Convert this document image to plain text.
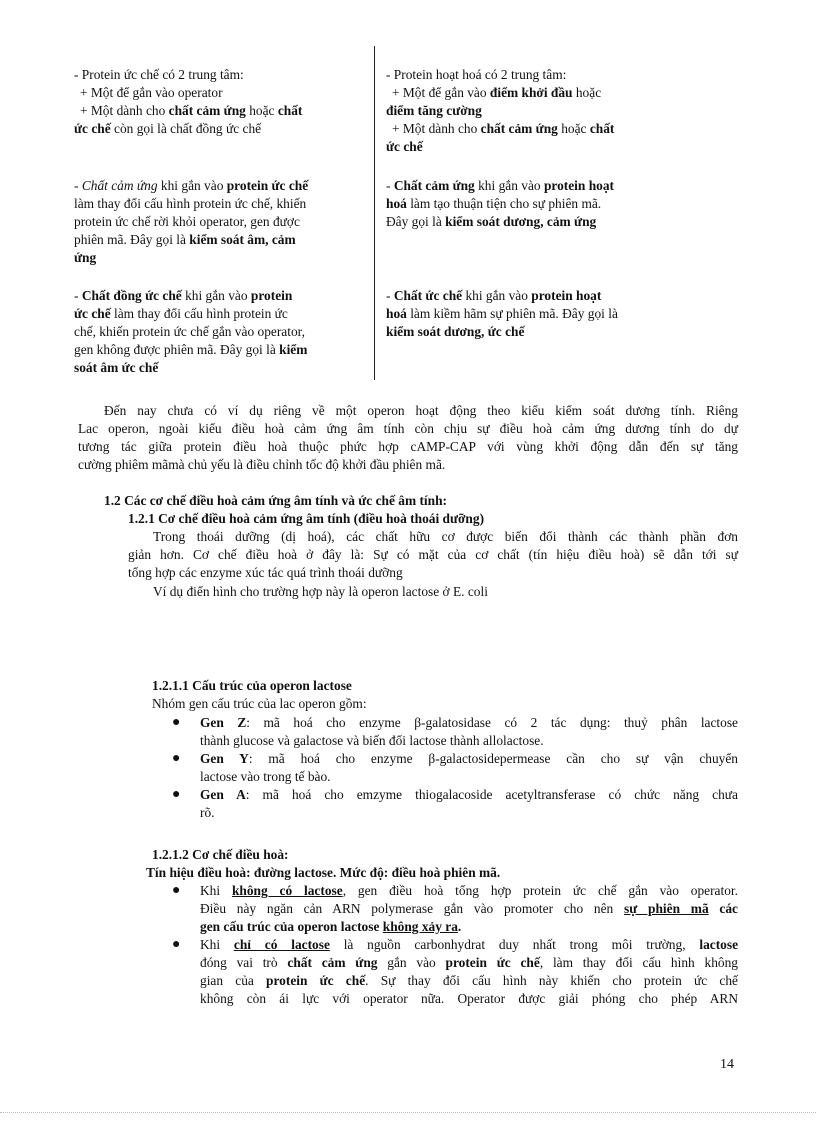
- Protein ức chế có 2 trung tâm:
+ Một để gắn vào operator
+ Một dành cho chất cảm ứng hoặc chất
ức chế còn gọi là chất đồng ức chế
- Protein hoạt hoá có 2 trung tâm:
+ Một để gắn vào điểm khởi đầu hoặc
điểm tăng cường
+ Một dành cho chất cảm ứng hoặc chất
ức chế
- Chất cảm ứng khi gắn vào protein ức chế
làm thay đổi cấu hình protein ức chế, khiến
protein ức chế rời khỏi operator, gen được
phiên mã. Đây gọi là kiểm soát âm, cảm
ứng
- Chất cảm ứng khi gắn vào protein hoạt
hoá làm tạo thuận tiện cho sự phiên mã.
Đây gọi là kiểm soát dương, cảm ứng
- Chất đồng ức chế khi gắn vào protein
ức chế làm thay đổi cấu hình protein ức
chế, khiến protein ức chế gắn vào operator,
gen không được phiên mã. Đây gọi là kiểm
soát âm ức chế
- Chất ức chế khi gắn vào protein hoạt
hoá làm kiềm hãm sự phiên mã. Đây gọi là
kiểm soát dương, ức chế
Đến nay chưa có ví dụ riêng về một operon hoạt động theo kiểu kiểm soát dương tính. Riêng
Lac operon, ngoài kiểu điều hoà cảm ứng âm tính còn chịu sự điều hoà cảm ứng dương tính do dự
tương tác giữa protein điều hoà thuộc phức hợp cAMP-CAP với vùng khởi động dẫn đến sự tăng
cường phiêm mãmà chủ yếu là điều chỉnh tốc độ khởi đầu phiên mã.
1.2 Các cơ chế điều hoà cảm ứng âm tính và ức chế âm tính:
1.2.1 Cơ chế điều hoà cảm ứng âm tính (điều hoà thoái dưỡng)
Trong thoái dưỡng (dị hoá), các chất hữu cơ được biến đổi thành các thành phần đơn
giản hơn. Cơ chế điều hoà ở đây là: Sự có mặt của cơ chất (tín hiệu điều hoà) sẽ dẫn tới sự
tổng hợp các enzyme xúc tác quá trình thoái dưỡng
Ví dụ điển hình cho trường hợp này là operon lactose ở E. coli
1.2.1.1 Cấu trúc của operon lactose
Nhóm gen cấu trúc của lac operon gồm:
●	Gen Z: mã hoá cho enzyme β-galatosidase có 2 tác dụng: thuỷ phân lactose
thành glucose và galactose và biến đổi lactose thành allolactose.
●	Gen Y: mã hoá cho enzyme β-galactosidepermease cần cho sự vận chuyển
lactose vào trong tế bào.
●	Gen A: mã hoá cho emzyme thiogalacoside acetyltransferase có chức năng chưa
rõ.
1.2.1.2 Cơ chế điều hoà:
Tín hiệu điều hoà: đường lactose. Mức độ: điều hoà phiên mã.
●	Khi không có lactose, gen điều hoà tổng hợp protein ức chế gắn vào operator.
Điều này ngăn cản ARN polymerase gắn vào promoter cho nên sự phiên mã các
gen cấu trúc của operon lactose không xảy ra.
●	Khi chỉ có lactose là nguồn carbonhydrat duy nhất trong môi trường, lactose
đóng vai trò chất cảm ứng gắn vào protein ức chế, làm thay đổi cấu hình không
gian của protein ức chế. Sự thay đổi cấu hình này khiến cho protein ức chế
không còn ái lực với operator nữa. Operator được giải phóng cho phép ARN
14
